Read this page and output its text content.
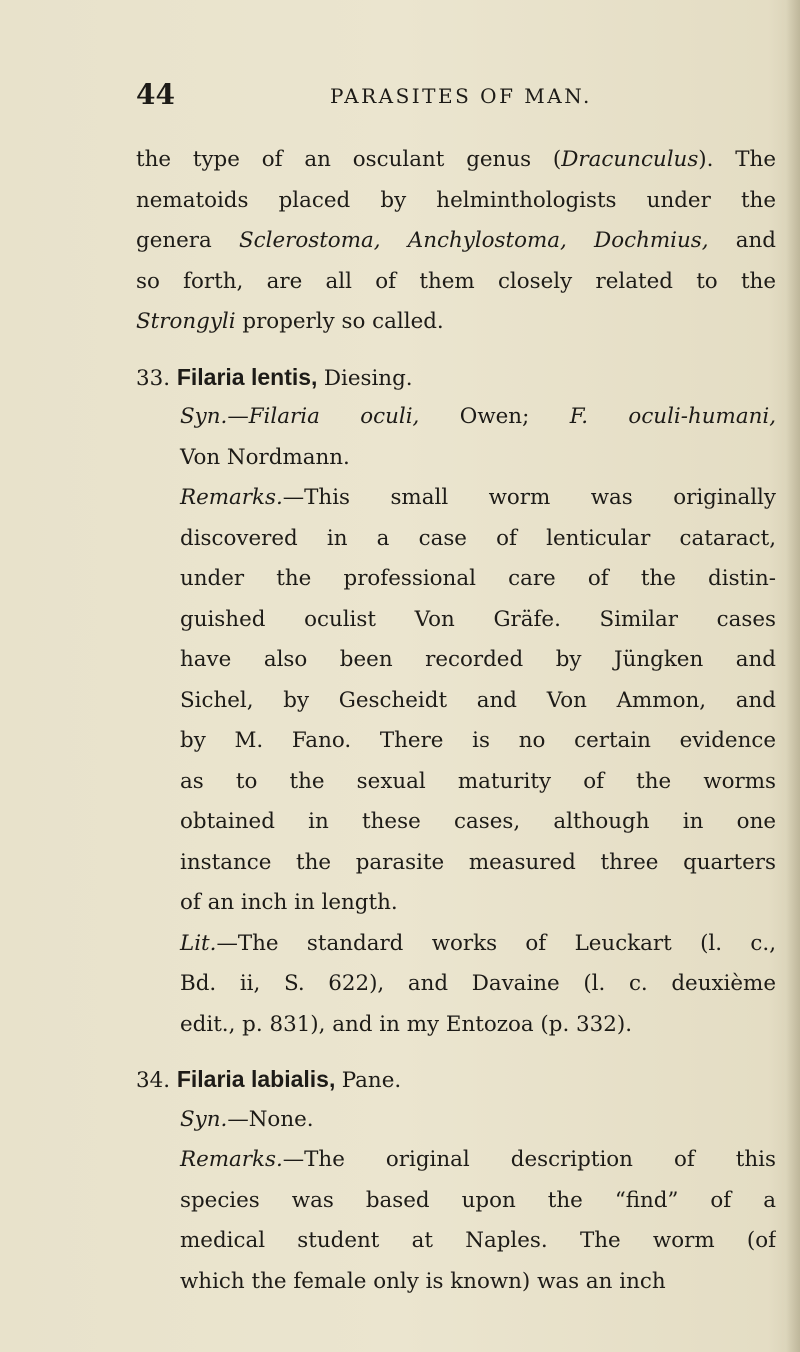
44	PARASITES OF MAN.
the type of an osculant genus (Dracunculus). The
nematoids placed by helminthologists under the
genera Sclerostoma, Anchylostoma, Dochmius, and
so forth, are all of them closely related to the
Strongyli properly so called.
33. Filaria lentis, Diesing.
Syn.—Filaria oculi, Owen; F. oculi-humani,
Von Nordmann.
Remarks.—This small worm was originally
discovered in a case of lenticular cataract,
under the professional care of the distin-
guished oculist Von Gräfe. Similar cases
have also been recorded by Jüngken and
Sichel, by Gescheidt and Von Ammon, and
by M. Fano. There is no certain evidence
as to the sexual maturity of the worms
obtained in these cases, although in one
instance the parasite measured three quarters
of an inch in length.
Lit.—The standard works of Leuckart (l. c.,
Bd. ii, S. 622), and Davaine (l. c. deuxième
edit., p. 831), and in my Entozoa (p. 332).
34. Filaria labialis, Pane.
Syn.—None.
Remarks.—The original description of this
species was based upon the “find” of a
medical student at Naples. The worm (of
which the female only is known) was an inch
